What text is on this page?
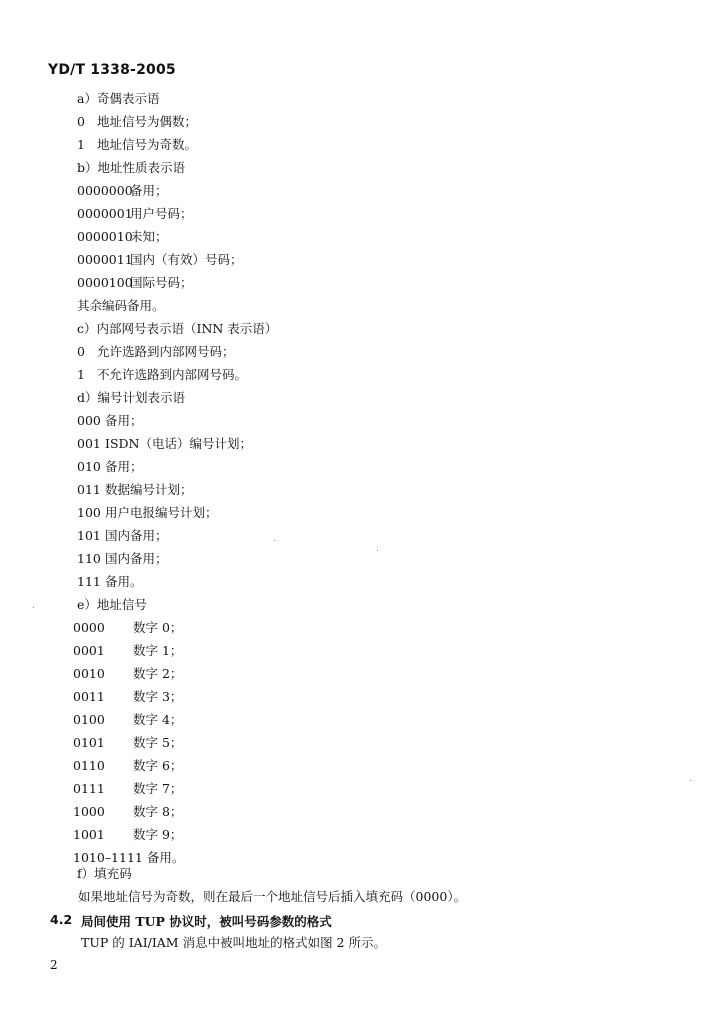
YD/T 1338-2005
a）奇偶表示语
0 地址信号为偶数；
1 地址信号为奇数。
b）地址性质表示语
0000000备用；
0000001用户号码；
0000010未知；
0000011国内（有效）号码；
0000100国际号码；
其余编码备用。
c）内部网号表示语（INN 表示语）
0 允许选路到内部网号码；
1 不允许选路到内部网号码。
d）编号计划表示语
000 备用；
001 ISDN（电话）编号计划；
010 备用；
011 数据编号计划；
100 用户电报编号计划；
101 国内备用；
110 国内备用；
111 备用。
e）地址信号
0000 数字 0；
0001 数字 1；
0010 数字 2；
0011 数字 3；
0100 数字 4；
0101 数字 5；
0110 数字 6；
0111 数字 7；
1000 数字 8；
1001 数字 9；
1010–1111 备用。
f）填充码
如果地址信号为奇数，则在最后一个地址信号后插入填充码（0000）。
4.2 局间使用 TUP 协议时，被叫号码参数的格式
TUP 的 IAI/IAM 消息中被叫地址的格式如图 2 所示。
2
